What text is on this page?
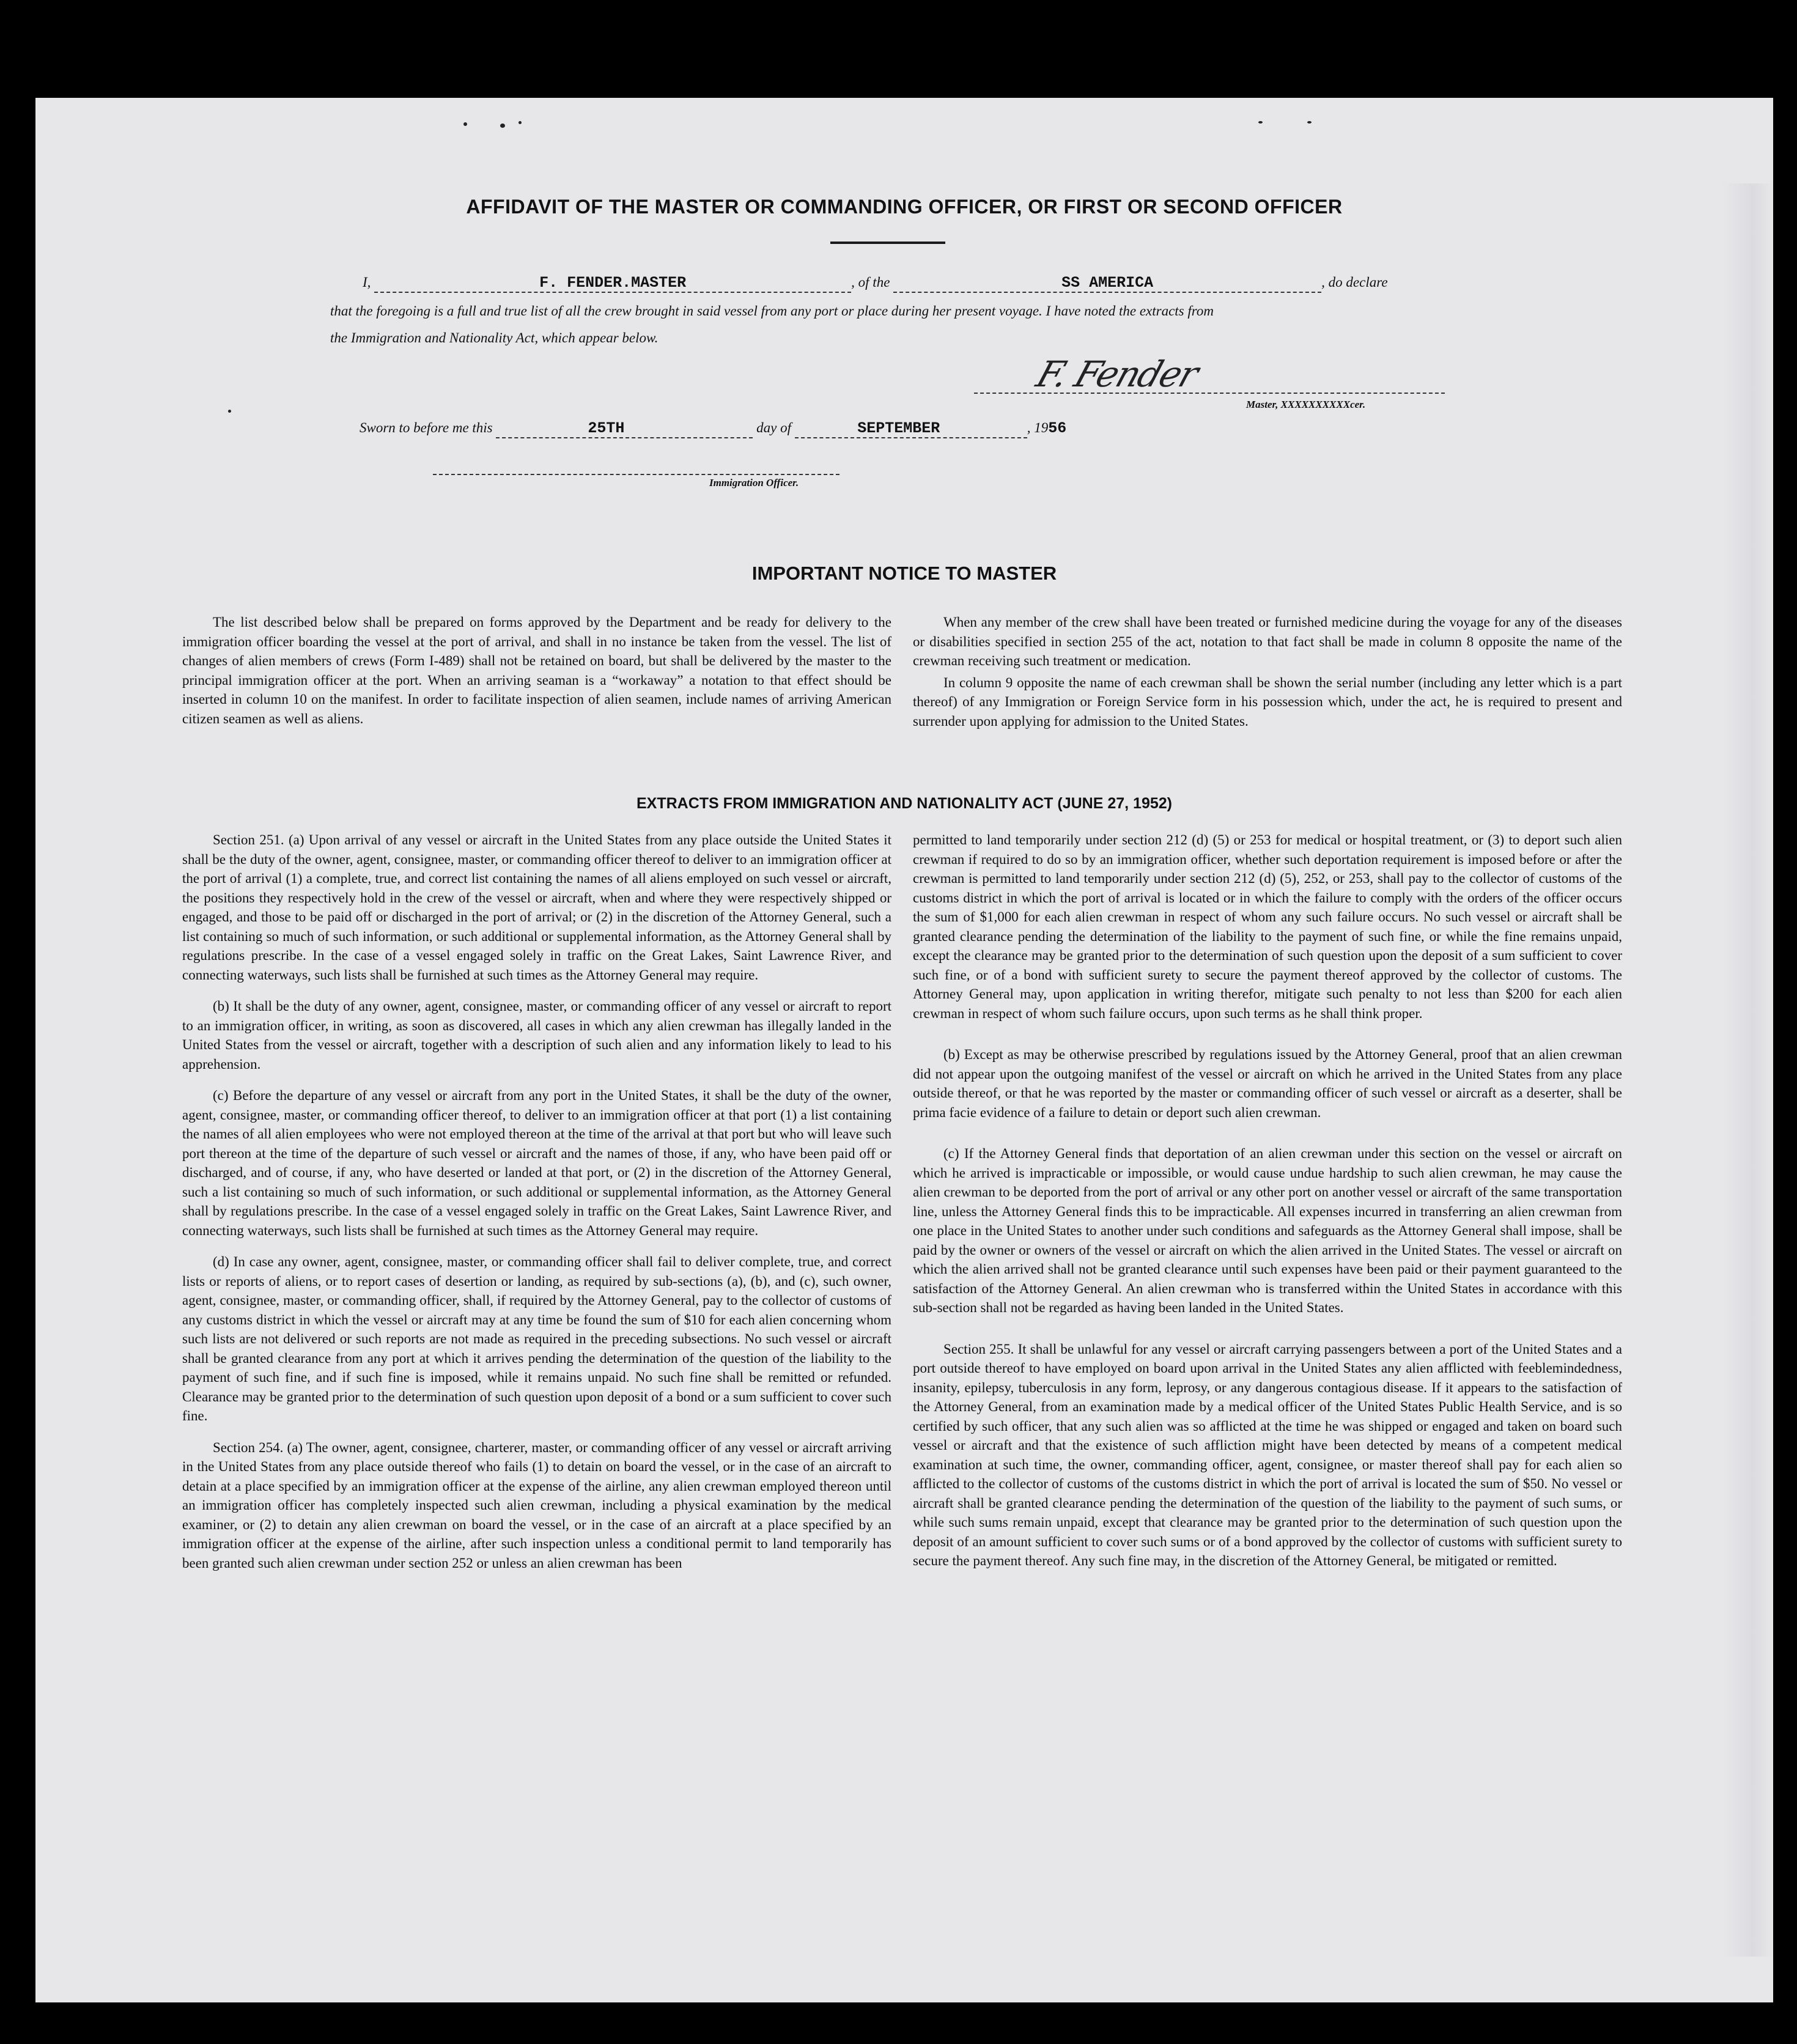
AFFIDAVIT OF THE MASTER OR COMMANDING OFFICER, OR FIRST OR SECOND OFFICER
I,	F. FENDER.MASTER	, of the	SS AMERICA	, do declare
that the foregoing is a full and true list of all the crew brought in said vessel from any port or place during her present voyage. I have noted the extracts from
the Immigration and Nationality Act, which appear below.
F. Fender
Master, XXXXXXXXXXcer.
Sworn to before me this	25TH	day of	SEPTEMBER	, 1956
Immigration Officer.
IMPORTANT NOTICE TO MASTER

The list described below shall be prepared on forms approved by the Department and be ready for delivery to the immigration officer boarding the vessel at the port of arrival, and shall in no instance be taken from the vessel. The list of changes of alien members of crews (Form I-489) shall not be retained on board, but shall be delivered by the master to the principal immigration officer at the port. When an arriving seaman is a “workaway” a notation to that effect should be inserted in column 10 on the manifest. In order to facilitate inspection of alien seamen, include names of arriving American citizen seamen as well as aliens.

When any member of the crew shall have been treated or furnished medicine during the voyage for any of the diseases or disabilities specified in section 255 of the act, notation to that fact shall be made in column 8 opposite the name of the crewman receiving such treatment or medication.

In column 9 opposite the name of each crewman shall be shown the serial number (including any letter which is a part thereof) of any Immigration or Foreign Service form in his possession which, under the act, he is required to present and surrender upon applying for admission to the United States.

EXTRACTS FROM IMMIGRATION AND NATIONALITY ACT (JUNE 27, 1952)

Section 251. (a) Upon arrival of any vessel or aircraft in the United States from any place outside the United States it shall be the duty of the owner, agent, consignee, master, or commanding officer thereof to deliver to an immigration officer at the port of arrival (1) a complete, true, and correct list containing the names of all aliens employed on such vessel or aircraft, the positions they respectively hold in the crew of the vessel or aircraft, when and where they were respectively shipped or engaged, and those to be paid off or discharged in the port of arrival; or (2) in the discretion of the Attorney General, such a list containing so much of such information, or such additional or supplemental information, as the Attorney General shall by regulations prescribe. In the case of a vessel engaged solely in traffic on the Great Lakes, Saint Lawrence River, and connecting waterways, such lists shall be furnished at such times as the Attorney General may require.

(b) It shall be the duty of any owner, agent, consignee, master, or commanding officer of any vessel or aircraft to report to an immigration officer, in writing, as soon as discovered, all cases in which any alien crewman has illegally landed in the United States from the vessel or aircraft, together with a description of such alien and any information likely to lead to his apprehension.

(c) Before the departure of any vessel or aircraft from any port in the United States, it shall be the duty of the owner, agent, consignee, master, or commanding officer thereof, to deliver to an immigration officer at that port (1) a list containing the names of all alien employees who were not employed thereon at the time of the arrival at that port but who will leave such port thereon at the time of the departure of such vessel or aircraft and the names of those, if any, who have been paid off or discharged, and of course, if any, who have deserted or landed at that port, or (2) in the discretion of the Attorney General, such a list containing so much of such information, or such additional or supplemental information, as the Attorney General shall by regulations prescribe. In the case of a vessel engaged solely in traffic on the Great Lakes, Saint Lawrence River, and connecting waterways, such lists shall be furnished at such times as the Attorney General may require.

(d) In case any owner, agent, consignee, master, or commanding officer shall fail to deliver complete, true, and correct lists or reports of aliens, or to report cases of desertion or landing, as required by sub-sections (a), (b), and (c), such owner, agent, consignee, master, or commanding officer, shall, if required by the Attorney General, pay to the collector of customs of any customs district in which the vessel or aircraft may at any time be found the sum of $10 for each alien concerning whom such lists are not delivered or such reports are not made as required in the preceding subsections. No such vessel or aircraft shall be granted clearance from any port at which it arrives pending the determination of the question of the liability to the payment of such fine, and if such fine is imposed, while it remains unpaid. No such fine shall be remitted or refunded. Clearance may be granted prior to the determination of such question upon deposit of a bond or a sum sufficient to cover such fine.

Section 254. (a) The owner, agent, consignee, charterer, master, or commanding officer of any vessel or aircraft arriving in the United States from any place outside thereof who fails (1) to detain on board the vessel, or in the case of an aircraft to detain at a place specified by an immigration officer at the expense of the airline, any alien crewman employed thereon until an immigration officer has completely inspected such alien crewman, including a physical examination by the medical examiner, or (2) to detain any alien crewman on board the vessel, or in the case of an aircraft at a place specified by an immigration officer at the expense of the airline, after such inspection unless a conditional permit to land temporarily has been granted such alien crewman under section 252 or unless an alien crewman has been

permitted to land temporarily under section 212 (d) (5) or 253 for medical or hospital treatment, or (3) to deport such alien crewman if required to do so by an immigration officer, whether such deportation requirement is imposed before or after the crewman is permitted to land temporarily under section 212 (d) (5), 252, or 253, shall pay to the collector of customs of the customs district in which the port of arrival is located or in which the failure to comply with the orders of the officer occurs the sum of $1,000 for each alien crewman in respect of whom any such failure occurs. No such vessel or aircraft shall be granted clearance pending the determination of the liability to the payment of such fine, or while the fine remains unpaid, except the clearance may be granted prior to the determination of such question upon the deposit of a sum sufficient to cover such fine, or of a bond with sufficient surety to secure the payment thereof approved by the collector of customs. The Attorney General may, upon application in writing therefor, mitigate such penalty to not less than $200 for each alien crewman in respect of whom such failure occurs, upon such terms as he shall think proper.

(b) Except as may be otherwise prescribed by regulations issued by the Attorney General, proof that an alien crewman did not appear upon the outgoing manifest of the vessel or aircraft on which he arrived in the United States from any place outside thereof, or that he was reported by the master or commanding officer of such vessel or aircraft as a deserter, shall be prima facie evidence of a failure to detain or deport such alien crewman.

(c) If the Attorney General finds that deportation of an alien crewman under this section on the vessel or aircraft on which he arrived is impracticable or impossible, or would cause undue hardship to such alien crewman, he may cause the alien crewman to be deported from the port of arrival or any other port on another vessel or aircraft of the same transportation line, unless the Attorney General finds this to be impracticable. All expenses incurred in transferring an alien crewman from one place in the United States to another under such conditions and safeguards as the Attorney General shall impose, shall be paid by the owner or owners of the vessel or aircraft on which the alien arrived in the United States. The vessel or aircraft on which the alien arrived shall not be granted clearance until such expenses have been paid or their payment guaranteed to the satisfaction of the Attorney General. An alien crewman who is transferred within the United States in accordance with this sub-section shall not be regarded as having been landed in the United States.

Section 255. It shall be unlawful for any vessel or aircraft carrying passengers between a port of the United States and a port outside thereof to have employed on board upon arrival in the United States any alien afflicted with feeblemindedness, insanity, epilepsy, tuberculosis in any form, leprosy, or any dangerous contagious disease. If it appears to the satisfaction of the Attorney General, from an examination made by a medical officer of the United States Public Health Service, and is so certified by such officer, that any such alien was so afflicted at the time he was shipped or engaged and taken on board such vessel or aircraft and that the existence of such affliction might have been detected by means of a competent medical examination at such time, the owner, commanding officer, agent, consignee, or master thereof shall pay for each alien so afflicted to the collector of customs of the customs district in which the port of arrival is located the sum of $50. No vessel or aircraft shall be granted clearance pending the determination of the question of the liability to the payment of such sums, or while such sums remain unpaid, except that clearance may be granted prior to the determination of such question upon the deposit of an amount sufficient to cover such sums or of a bond approved by the collector of customs with sufficient surety to secure the payment thereof. Any such fine may, in the discretion of the Attorney General, be mitigated or remitted.
